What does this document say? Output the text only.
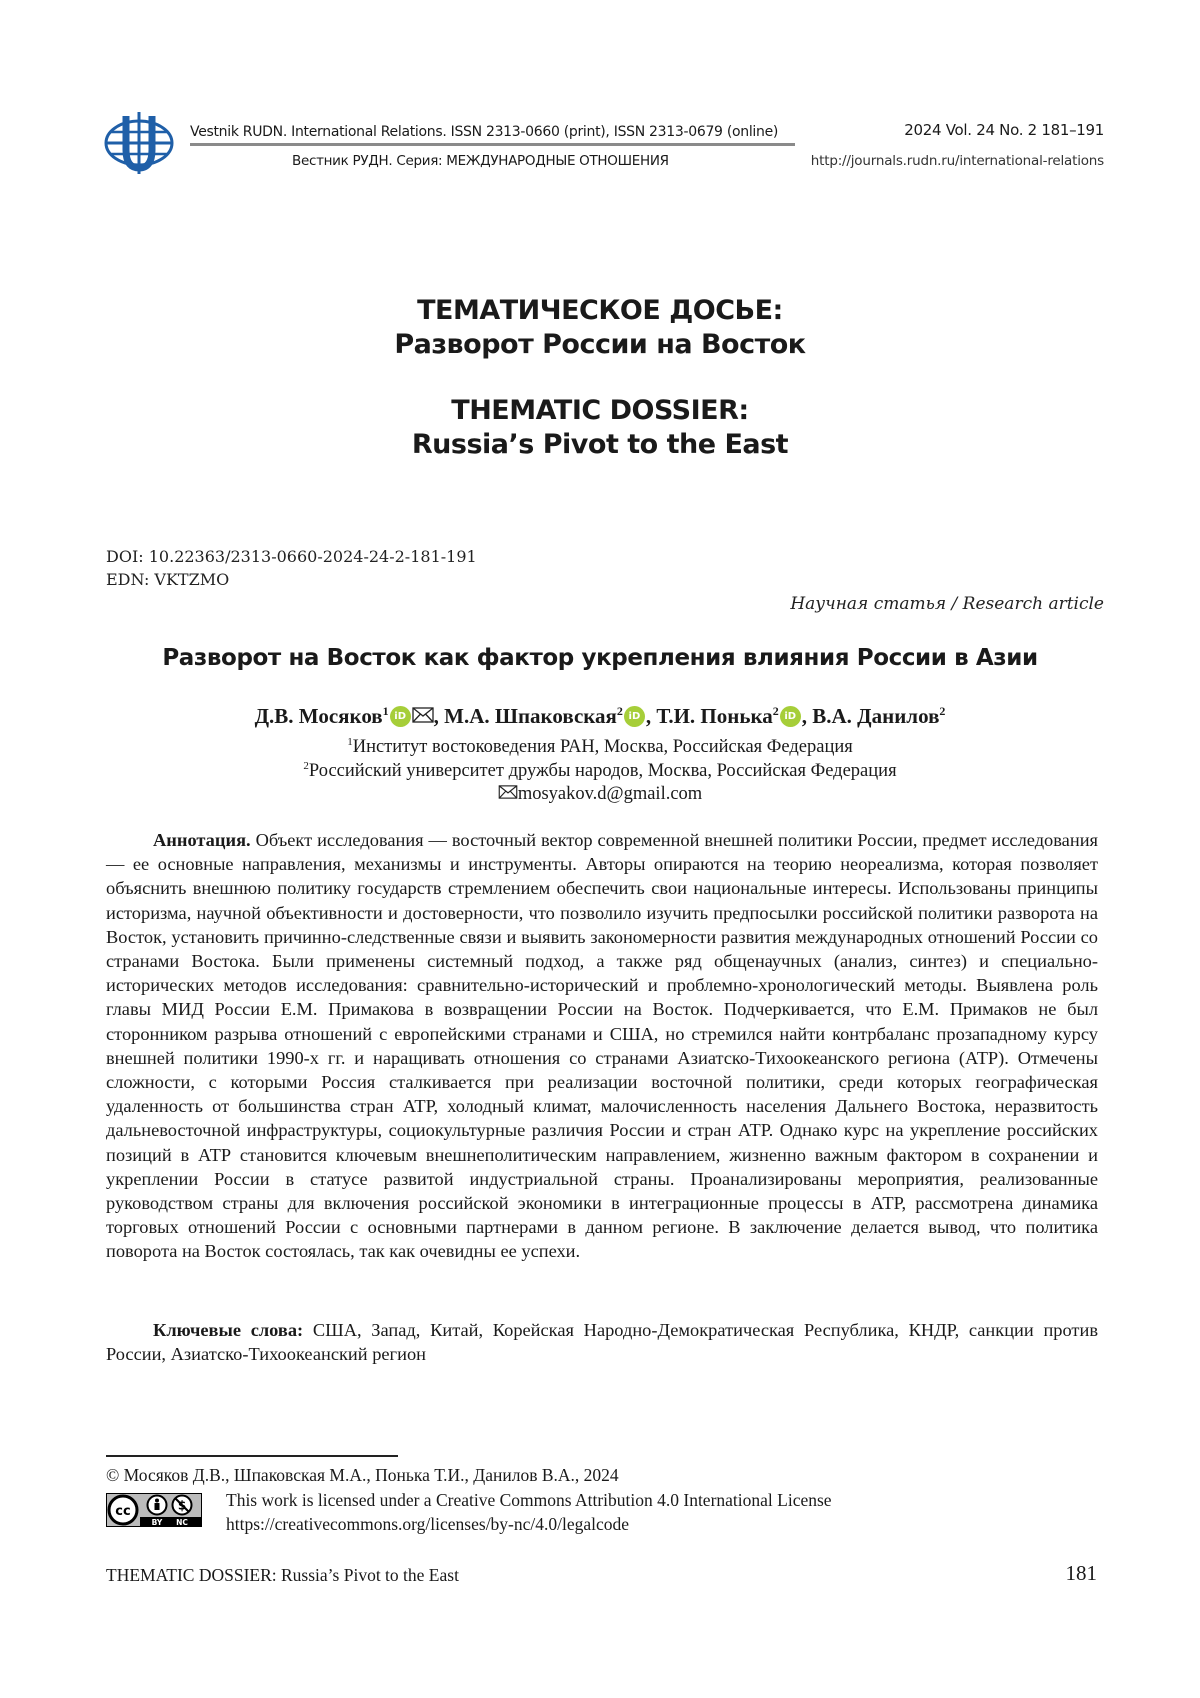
Vestnik RUDN. International Relations. ISSN 2313-0660 (print), ISSN 2313-0679 (online)
Вестник РУДН. Серия: МЕЖДУНАРОДНЫЕ ОТНОШЕНИЯ
2024 Vol. 24 No. 2 181–191
http://journals.rudn.ru/international-relations
ТЕМАТИЧЕСКОЕ ДОСЬЕ:
Разворот России на Восток
THEMATIC DOSSIER:
Russia’s Pivot to the East
DOI: 10.22363/2313-0660-2024-24-2-181-191
EDN: VKTZMO
Научная статья / Research article
Разворот на Восток как фактор укрепления влияния России в Азии
Д.В. Мосяков1 iD , М.А. Шпаковская2 iD , Т.И. Понька2 iD , В.А. Данилов2
1Институт востоковедения РАН, Москва, Российская Федерация
2Российский университет дружбы народов, Москва, Российская Федерация
mosyakov.d@gmail.com

Аннотация. Объект исследования — восточный вектор современной внешней политики России, предмет исследования — ее основные направления, механизмы и инструменты. Авторы опираются на теорию неореализма, которая позволяет объяснить внешнюю политику государств стремлением обеспечить свои национальные интересы. Использованы принципы историзма, научной объективности и достоверности, что позволило изучить предпосылки российской политики разворота на Восток, установить причинно-следственные связи и выявить закономерности развития международных отношений России со странами Востока. Были применены системный подход, а также ряд общенаучных (анализ, синтез) и специально-исторических методов исследования: сравнительно-исторический и проблемно-хронологический методы. Выявлена роль главы МИД России Е.М. Примакова в возвращении России на Восток. Подчеркивается, что Е.М. Примаков не был сторонником разрыва отношений с европейскими странами и США, но стремился найти контрбаланс прозападному курсу внешней политики 1990-х гг. и наращивать отношения со странами Азиатско-Тихоокеанского региона (АТР). Отмечены сложности, с которыми Россия сталкивается при реализации восточной политики, среди которых географическая удаленность от большинства стран АТР, холодный климат, малочисленность населения Дальнего Востока, неразвитость дальневосточной инфраструктуры, социокультурные различия России и стран АТР. Однако курс на укрепление российских позиций в АТР становится ключевым внешнеполитическим направлением, жизненно важным фактором в сохранении и укреплении России в статусе развитой индустриальной страны. Проанализированы мероприятия, реализованные руководством страны для включения российской экономики в интеграционные процессы в АТР, рассмотрена динамика торговых отношений России с основными партнерами в данном регионе. В заключение делается вывод, что политика поворота на Восток состоялась, так как очевидны ее успехи.

Ключевые слова: США, Запад, Китай, Корейская Народно-Демократическая Республика, КНДР, санкции против России, Азиатско-Тихоокеанский регион

© Мосяков Д.В., Шпаковская М.А., Понька Т.И., Данилов В.А., 2024
cc
BY NC
This work is licensed under a Creative Commons Attribution 4.0 International License
https://creativecommons.org/licenses/by-nc/4.0/legalcode
THEMATIC DOSSIER: Russia’s Pivot to the East	181
